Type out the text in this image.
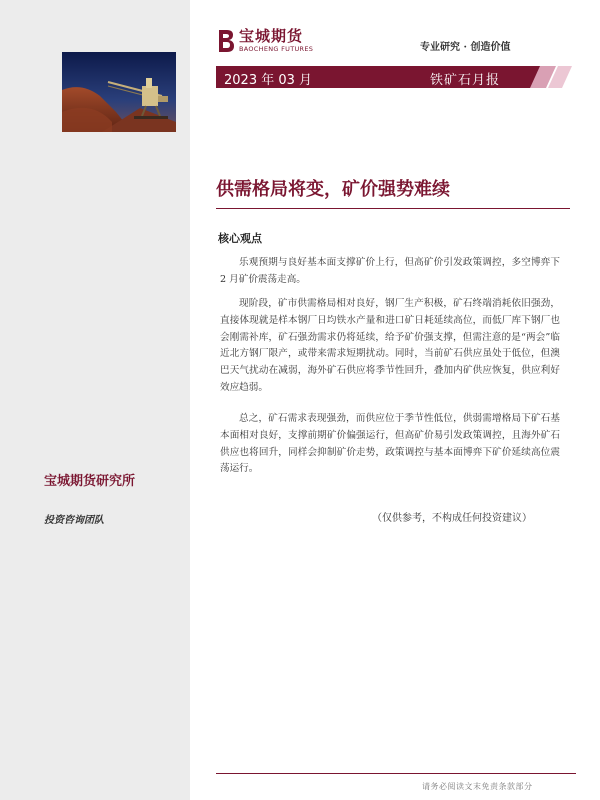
宝城期货研究所
投资咨询团队
宝城期货
BAOCHENG FUTURES	专业研究 · 创造价值
2023 年 03 月	铁矿石月报
供需格局将变，矿价强势难续
核心观点

乐观预期与良好基本面支撑矿价上行，但高矿价引发政策调控，多空博弈下 2 月矿价震荡走高。

现阶段，矿市供需格局相对良好，钢厂生产积极，矿石终端消耗依旧强劲，直接体现就是样本钢厂日均铁水产量和进口矿日耗延续高位，而低厂库下钢厂也会刚需补库，矿石强劲需求仍将延续，给予矿价强支撑，但需注意的是“两会”临近北方钢厂限产，或带来需求短期扰动。同时，当前矿石供应虽处于低位，但澳巴天气扰动在减弱，海外矿石供应将季节性回升，叠加内矿供应恢复，供应利好效应趋弱。

总之，矿石需求表现强劲，而供应位于季节性低位，供弱需增格局下矿石基本面相对良好，支撑前期矿价偏强运行，但高矿价易引发政策调控，且海外矿石供应也将回升，同样会抑制矿价走势，政策调控与基本面博弈下矿价延续高位震荡运行。

（仅供参考，不构成任何投资建议）
请务必阅读文末免责条款部分
